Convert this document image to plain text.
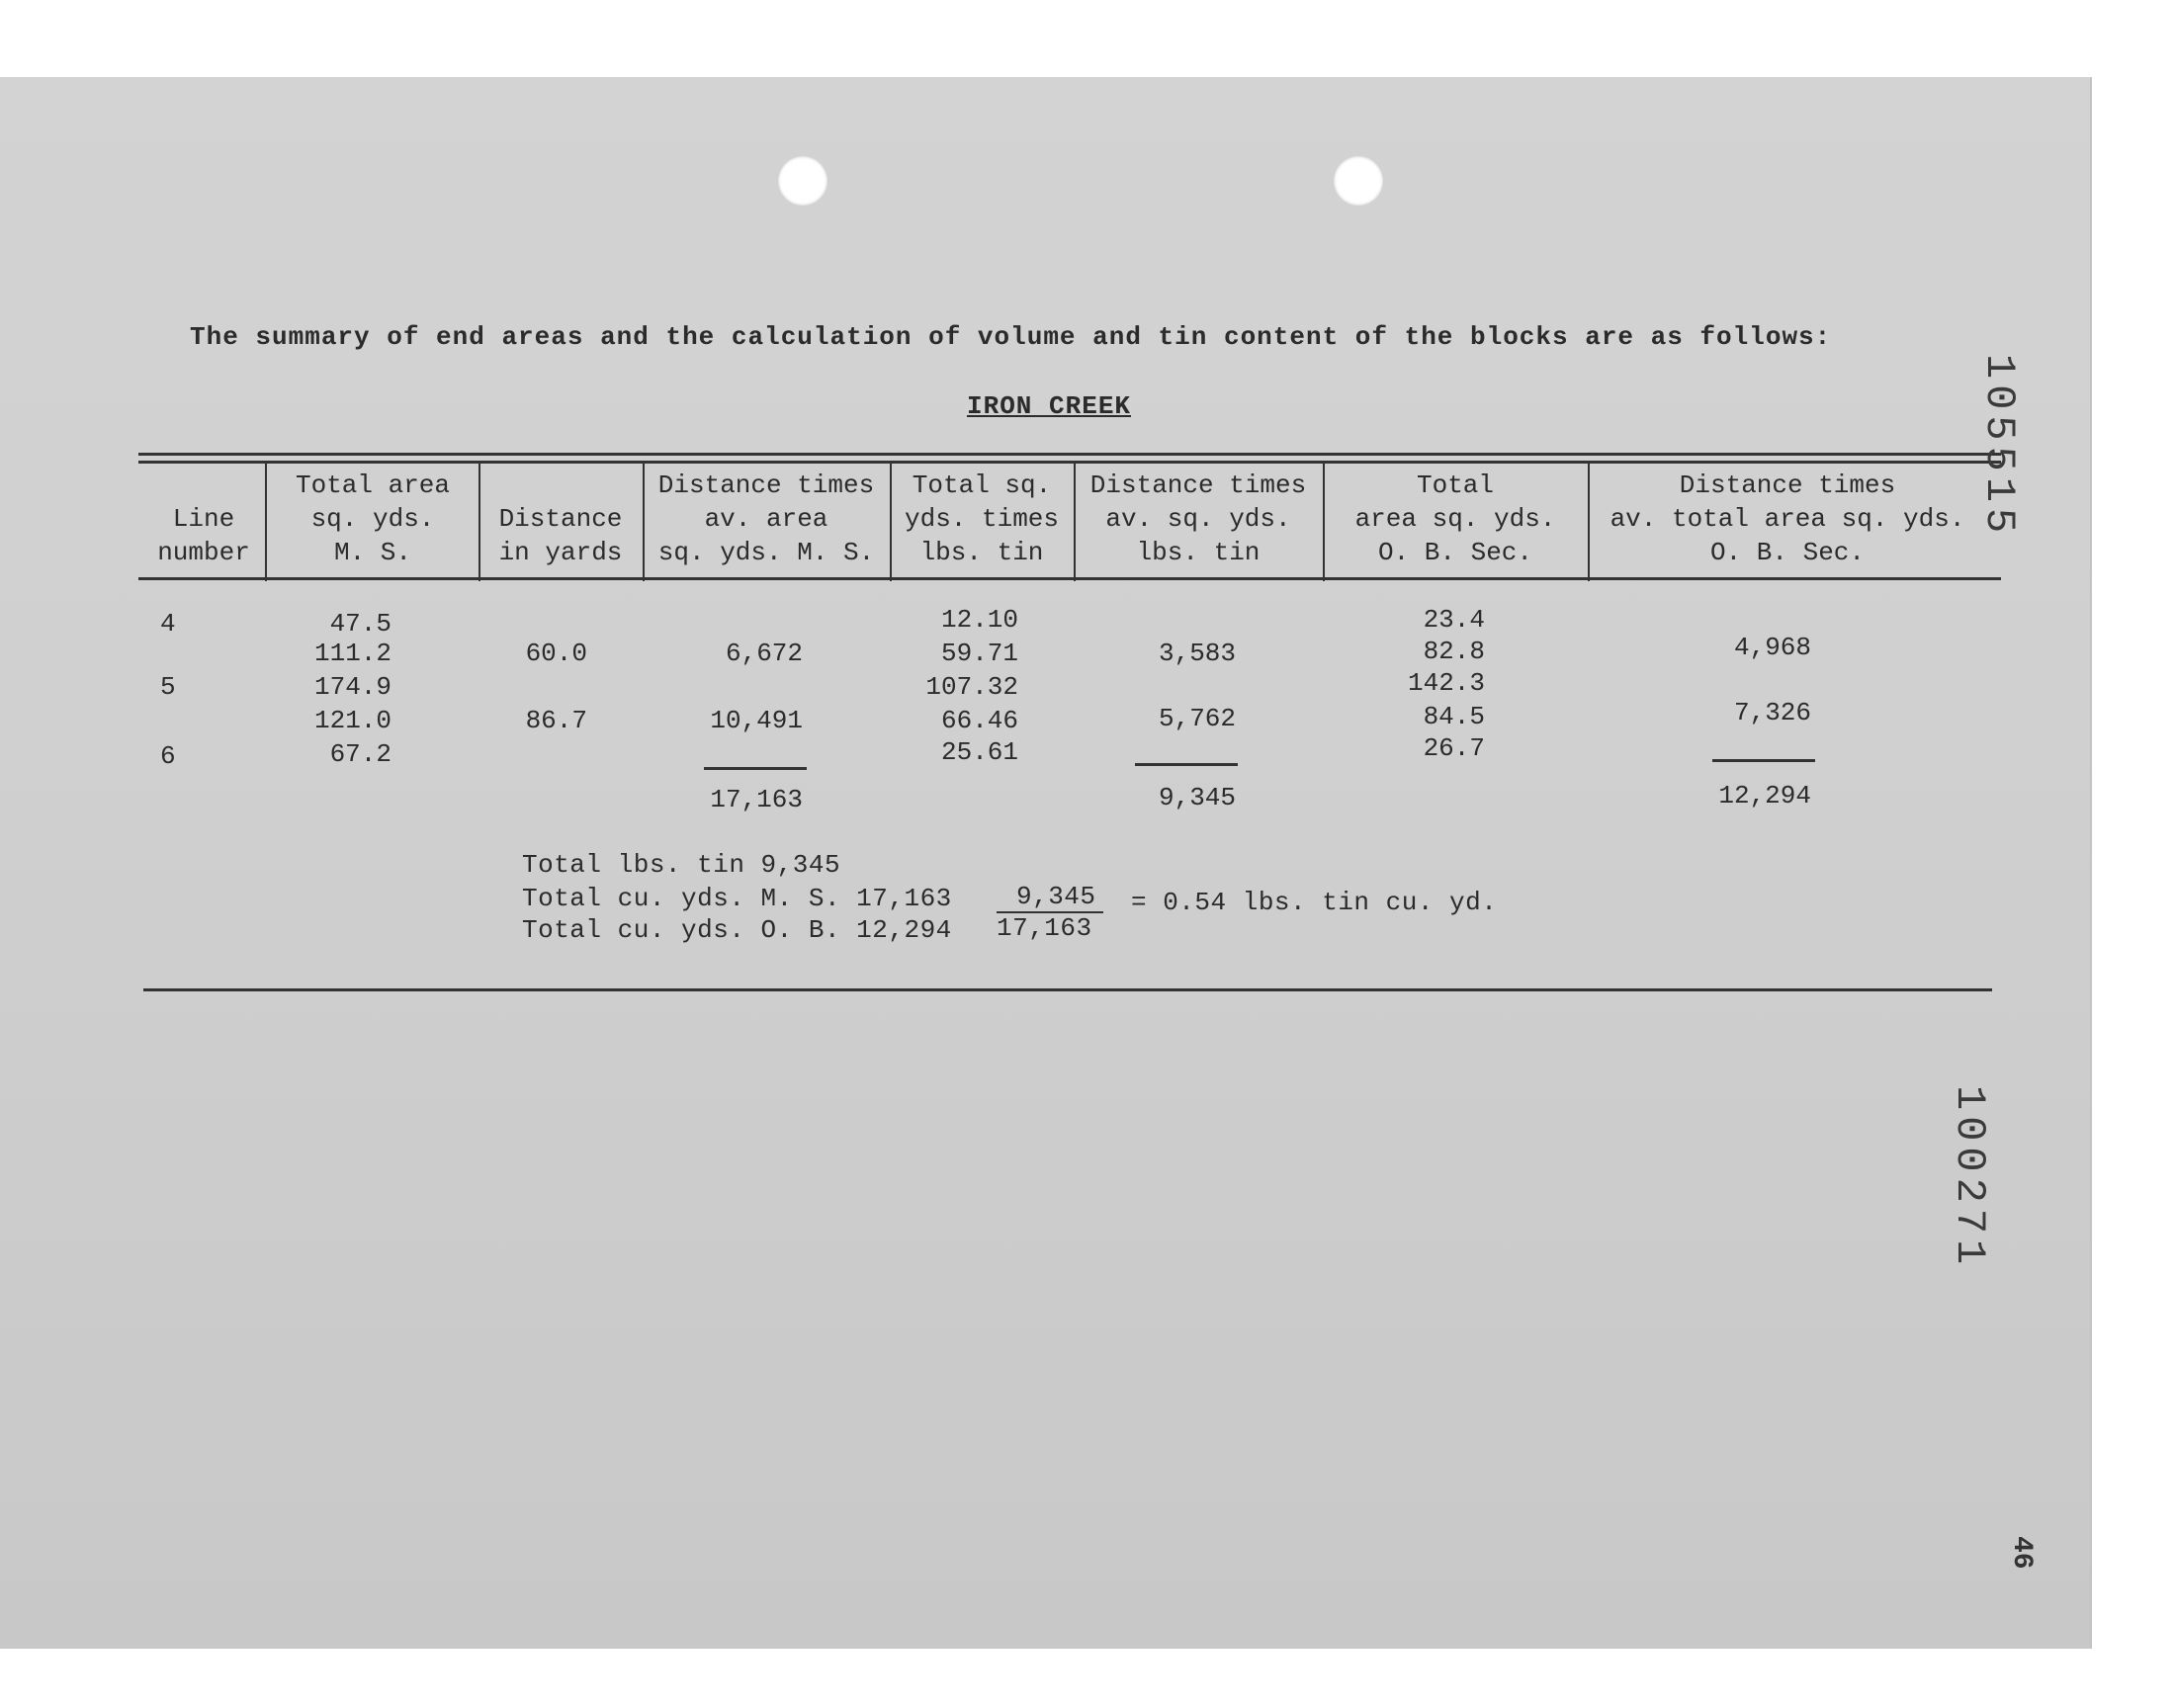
The summary of end areas and the calculation of volume and tin content of the blocks are as follows:
IRON CREEK
Line
number
Total area
sq. yds.
M. S.
Distance
in yards
Distance times
av. area
sq. yds. M. S.
Total sq.
yds. times
lbs. tin
Distance times
av. sq. yds.
lbs. tin
Total
area sq. yds.
O. B. Sec.
Distance times
av. total area sq. yds.
O. B. Sec.
4
5
6
47.5
111.2
174.9
121.0
67.2
60.0
86.7
6,672
10,491
17,163
12.10
59.71
107.32
66.46
25.61
3,583
5,762
9,345
23.4
82.8
142.3
84.5
26.7
4,968
7,326
12,294
Total lbs. tin 9,345
Total cu. yds. M. S. 17,163
Total cu. yds. O. B. 12,294
9,345
17,163
= 0.54 lbs. tin cu. yd.
105515
100271
46
